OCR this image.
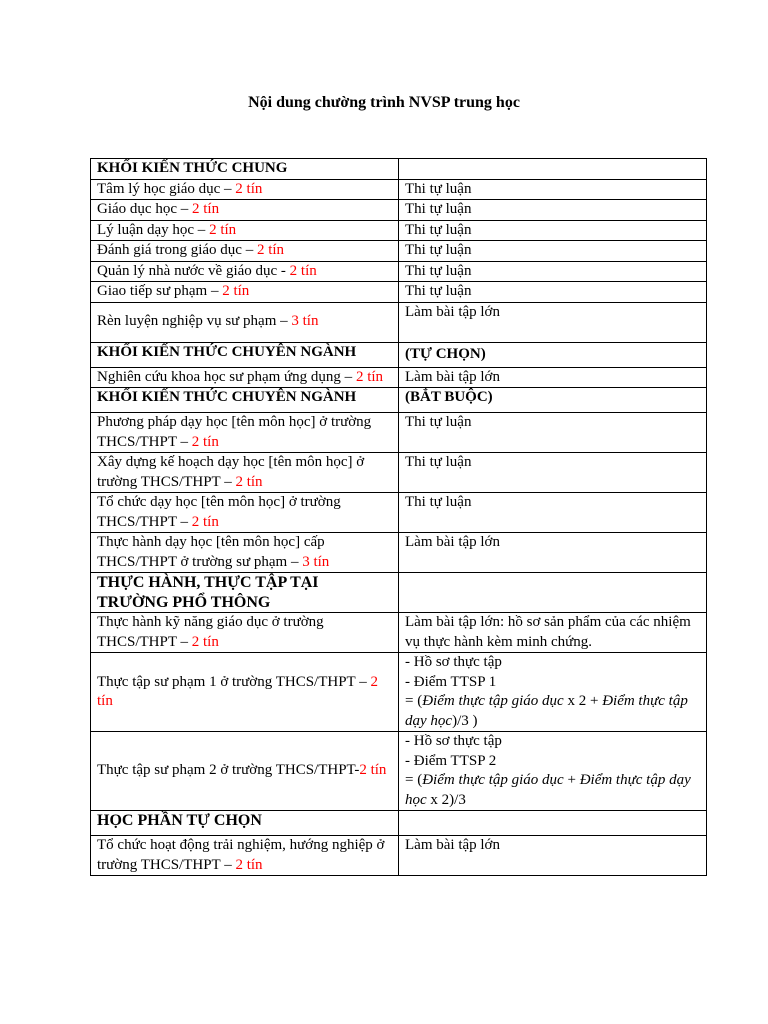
Nội dung chường trình NVSP trung học
KHỐI KIẾN THỨC CHUNG	
Tâm lý học giáo dục – 2 tín	Thi tự luận
Giáo dục học – 2 tín	Thi tự luận
Lý luận dạy học – 2 tín	Thi tự luận
Đánh giá trong giáo dục – 2 tín	Thi tự luận
Quản lý nhà nước về giáo dục - 2 tín	Thi tự luận
Giao tiếp sư phạm – 2 tín	Thi tự luận
Rèn luyện nghiệp vụ sư phạm – 3 tín	Làm bài tập lớn
KHỐI KIẾN THỨC CHUYÊN NGÀNH	(TỰ CHỌN)
Nghiên cứu khoa học sư phạm ứng dụng – 2 tín	Làm bài tập lớn
KHỐI KIẾN THỨC CHUYÊN NGÀNH	(BẮT BUỘC)
Phương pháp dạy học [tên môn học] ở trường THCS/THPT – 2 tín	Thi tự luận
Xây dựng kế hoạch dạy học [tên môn học] ở trường THCS/THPT – 2 tín	Thi tự luận
Tổ chức dạy học [tên môn học] ở trường THCS/THPT – 2 tín	Thi tự luận
Thực hành dạy học [tên môn học] cấp THCS/THPT ở trường sư phạm – 3 tín	Làm bài tập lớn
THỰC HÀNH, THỰC TẬP TẠI TRƯỜNG PHỔ THÔNG	
Thực hành kỹ năng giáo dục ở trường THCS/THPT – 2 tín	Làm bài tập lớn: hồ sơ sản phẩm của các nhiệm vụ thực hành kèm minh chứng.
Thực tập sư phạm 1 ở trường THCS/THPT – 2 tín	- Hồ sơ thực tập
- Điểm TTSP 1
= (Điểm thực tập giáo dục x 2 + Điểm thực tập dạy học)/3 )
Thực tập sư phạm 2 ở trường THCS/THPT-2 tín	- Hồ sơ thực tập
- Điểm TTSP 2
= (Điểm thực tập giáo dục + Điểm thực tập dạy học x 2)/3
HỌC PHẦN TỰ CHỌN	
Tổ chức hoạt động trải nghiệm, hướng nghiệp ở trường THCS/THPT – 2 tín	Làm bài tập lớn
